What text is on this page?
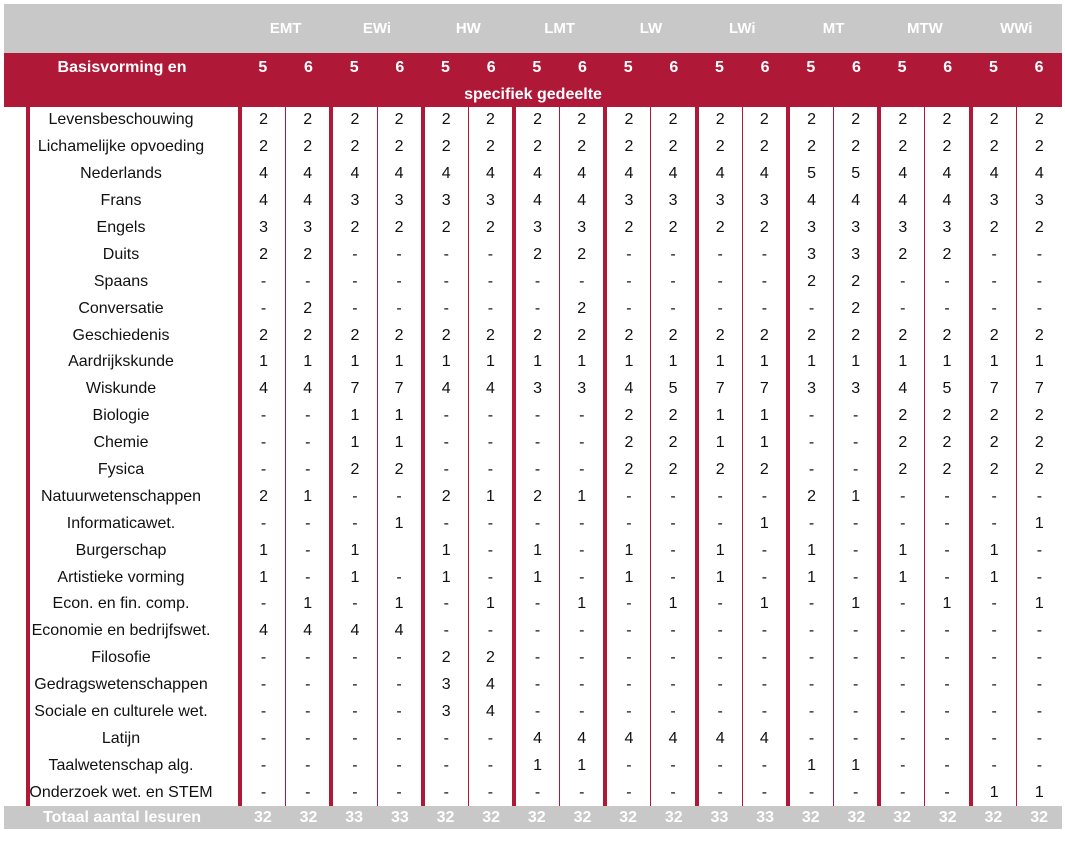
	EMT		EWi		HW		LMT		LW		LWi		MT		MTW		WWi	
Basisvorming en	5	6	5	6	5	6	5	6	5	6	5	6	5	6	5	6	5	6
specifiek gedeelte																		
Levensbeschouwing	2	2	2	2	2	2	2	2	2	2	2	2	2	2	2	2	2	2
Lichamelijke opvoeding	2	2	2	2	2	2	2	2	2	2	2	2	2	2	2	2	2	2
Nederlands	4	4	4	4	4	4	4	4	4	4	4	4	5	5	4	4	4	4
Frans	4	4	3	3	3	3	4	4	3	3	3	3	4	4	4	4	3	3
Engels	3	3	2	2	2	2	3	3	2	2	2	2	3	3	3	3	2	2
Duits	2	2	-	-	-	-	2	2	-	-	-	-	3	3	2	2	-	-
Spaans	-	-	-	-	-	-	-	-	-	-	-	-	2	2	-	-	-	-
Conversatie	-	2	-	-	-	-	-	2	-	-	-	-	-	2	-	-	-	-
Geschiedenis	2	2	2	2	2	2	2	2	2	2	2	2	2	2	2	2	2	2
Aardrijkskunde	1	1	1	1	1	1	1	1	1	1	1	1	1	1	1	1	1	1
Wiskunde	4	4	7	7	4	4	3	3	4	5	7	7	3	3	4	5	7	7
Biologie	-	-	1	1	-	-	-	-	2	2	1	1	-	-	2	2	2	2
Chemie	-	-	1	1	-	-	-	-	2	2	1	1	-	-	2	2	2	2
Fysica	-	-	2	2	-	-	-	-	2	2	2	2	-	-	2	2	2	2
Natuurwetenschappen	2	1	-	-	2	1	2	1	-	-	-	-	2	1	-	-	-	-
Informaticawet.	-	-	-	1	-	-	-	-	-	-	-	1	-	-	-	-	-	1
Burgerschap	1	-	1		1	-	1	-	1	-	1	-	1	-	1	-	1	-
Artistieke vorming	1	-	1	-	1	-	1	-	1	-	1	-	1	-	1	-	1	-
Econ. en fin. comp.	-	1	-	1	-	1	-	1	-	1	-	1	-	1	-	1	-	1
Economie en bedrijfswet.	4	4	4	4	-	-	-	-	-	-	-	-	-	-	-	-	-	-
Filosofie	-	-	-	-	2	2	-	-	-	-	-	-	-	-	-	-	-	-
Gedragswetenschappen	-	-	-	-	3	4	-	-	-	-	-	-	-	-	-	-	-	-
Sociale en culturele wet.	-	-	-	-	3	4	-	-	-	-	-	-	-	-	-	-	-	-
Latijn	-	-	-	-	-	-	4	4	4	4	4	4	-	-	-	-	-	-
Taalwetenschap alg.	-	-	-	-	-	-	1	1	-	-	-	-	1	1	-	-	-	-
Onderzoek wet. en STEM	-	-	-	-	-	-	-	-	-	-	-	-	-	-	-	-	1	1
Totaal aantal lesuren	32	32	33	33	32	32	32	32	32	32	33	33	32	32	32	32	32	32
